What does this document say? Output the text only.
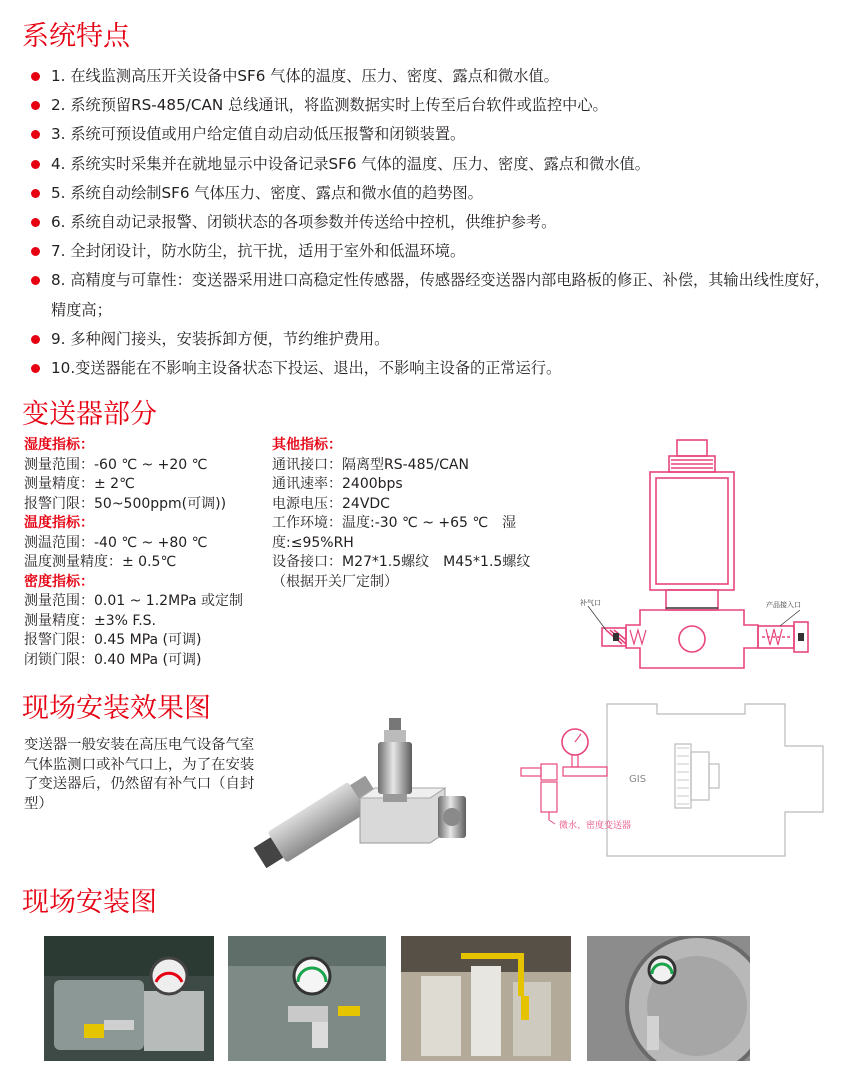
系统特点
1. 在线监测高压开关设备中SF6 气体的温度、压力、密度、露点和微水值。
2. 系统预留RS-485/CAN 总线通讯，将监测数据实时上传至后台软件或监控中心。
3. 系统可预设值或用户给定值自动启动低压报警和闭锁装置。
4. 系统实时采集并在就地显示中设备记录SF6 气体的温度、压力、密度、露点和微水值。
5. 系统自动绘制SF6 气体压力、密度、露点和微水值的趋势图。
6. 系统自动记录报警、闭锁状态的各项参数并传送给中控机，供维护参考。
7. 全封闭设计，防水防尘，抗干扰，适用于室外和低温环境。
8. 高精度与可靠性：变送器采用进口高稳定性传感器，传感器经变送器内部电路板的修正、补偿，其输出线性度好，精度高；
9. 多种阀门接头，安装拆卸方便，节约维护费用。
10.变送器能在不影响主设备状态下投运、退出，不影响主设备的正常运行。
变送器部分
湿度指标：
测量范围：-60 ℃ ~ +20 ℃
测量精度：± 2℃
报警门限：50~500ppm(可调))
温度指标：
测温范围：-40 ℃ ~ +80 ℃
温度测量精度：± 0.5℃
密度指标：
测量范围：0.01 ~ 1.2MPa 或定制
测量精度：±3% F.S.
报警门限：0.45 MPa (可调)
闭锁门限：0.40 MPa (可调)
其他指标：
通讯接口：隔离型RS-485/CAN
通讯速率：2400bps
电源电压：24VDC
工作环境：温度:-30 ℃ ~ +65 ℃　湿度:≤95%RH
设备接口：M27*1.5螺纹　M45*1.5螺纹（根据开关厂定制）
补气口	产品接入口
现场安装效果图
变送器一般安装在高压电气设备气室气体监测口或补气口上，为了在安装了变送器后，仍然留有补气口（自封型）
GIS
微水、密度变送器
现场安装图
